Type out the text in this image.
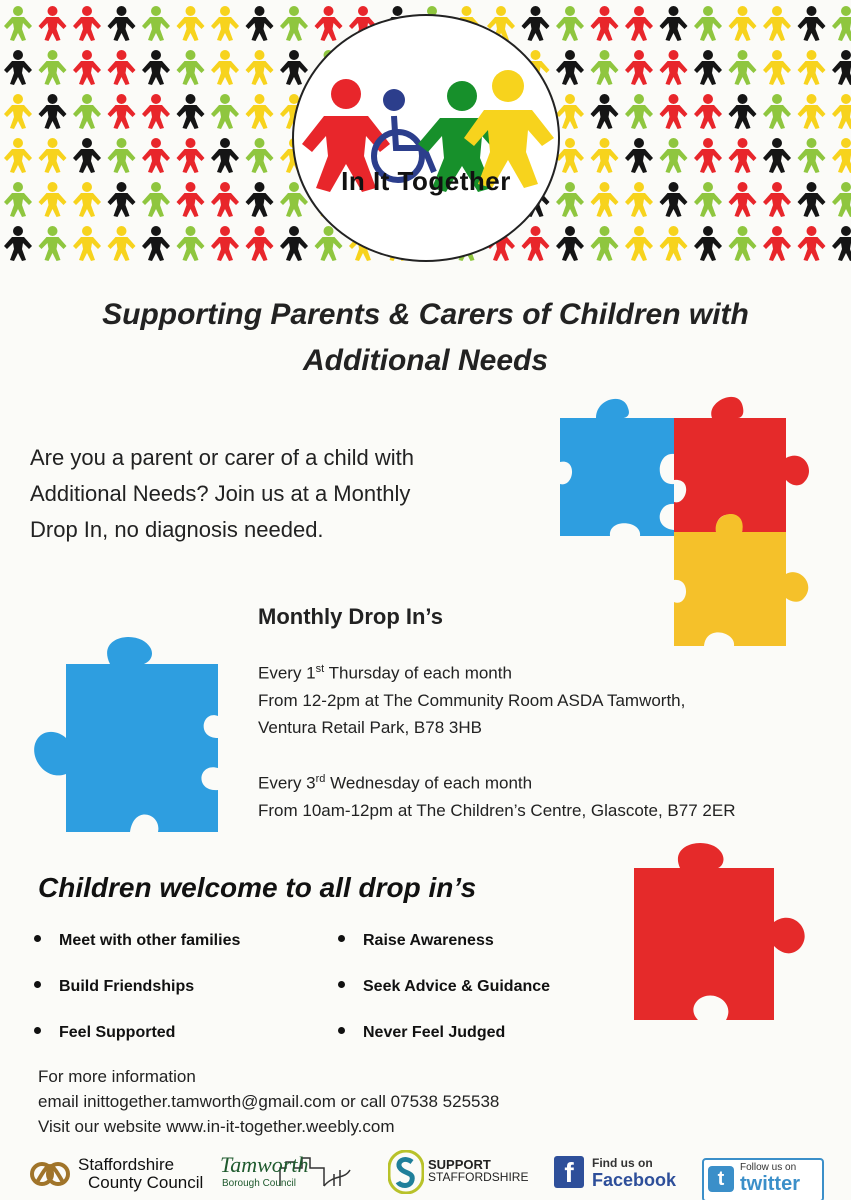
In It Together
Supporting Parents & Carers of Children with
Additional Needs
Are you a parent or carer of a child with
Additional Needs? Join us at a Monthly
Drop In, no diagnosis needed.
Monthly Drop In’s
Every 1st Thursday of each month
From 12-2pm at The Community Room ASDA Tamworth,
Ventura Retail Park, B78 3HB
Every 3rd Wednesday of each month
From 10am-12pm at The Children’s Centre, Glascote, B77 2ER
Children welcome to all drop in’s
Meet with other families
Build Friendships
Feel Supported
Raise Awareness
Seek Advice & Guidance
Never Feel Judged
For more information
email inittogether.tamworth@gmail.com or call 07538 525538
Visit our website www.in-it-together.weebly.com
Staffordshire
County Council
Tamworth
Borough Council
SUPPORT
STAFFORDSHIRE	f	Find us on
Facebook	t
Follow us on
twitter
